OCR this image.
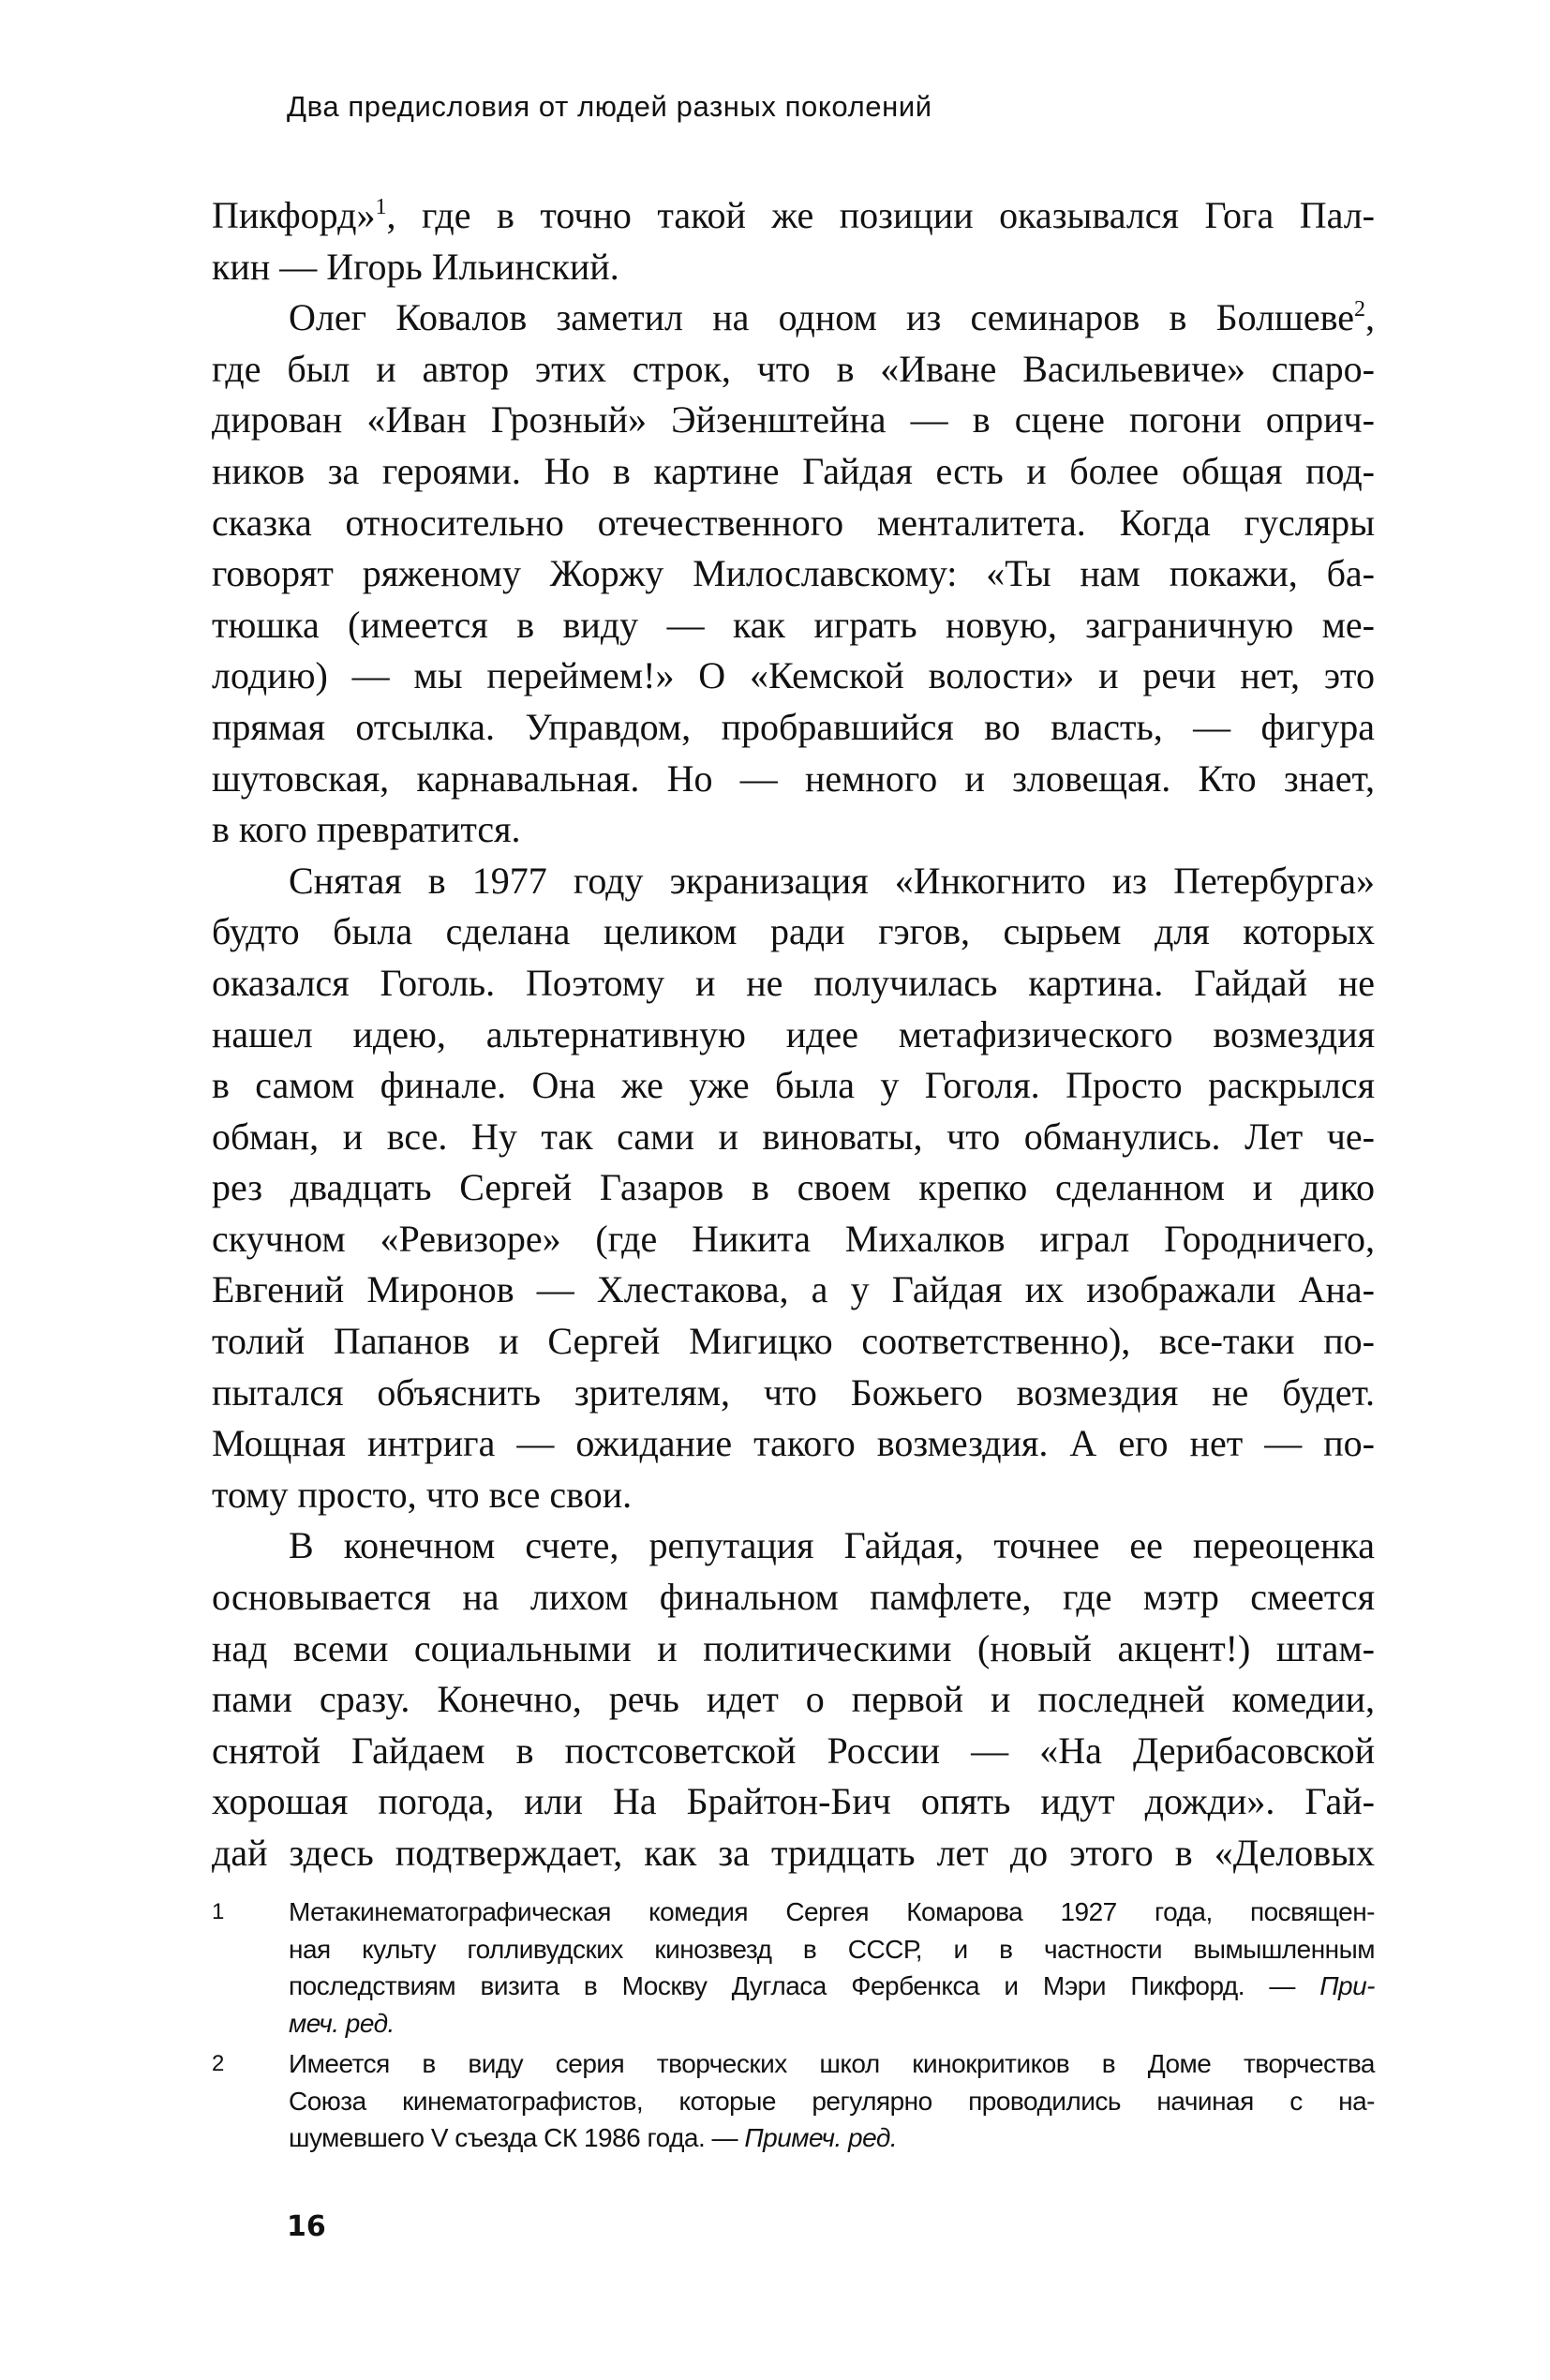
Два предисловия от людей разных поколений
Пикфорд»$^1$, где в точно такой же позиции оказывался Гога Пал-
кин — Игорь Ильинский.
Олег Ковалов заметил на одном из семинаров в Болшеве$^2$,
где был и автор этих строк, что в «Иване Васильевиче» спаро-
дирован «Иван Грозный» Эйзенштейна — в сцене погони оприч-
ников за героями. Но в картине Гайдая есть и более общая под-
сказка относительно отечественного менталитета. Когда гусляры
говорят ряженому Жоржу Милославскому: «Ты нам покажи, ба-
тюшка (имеется в виду — как играть новую, заграничную ме-
лодию) — мы переймем!» О «Кемской волости» и речи нет, это
прямая отсылка. Управдом, пробравшийся во власть, — фигура
шутовская, карнавальная. Но — немного и зловещая. Кто знает,
в кого превратится.
Снятая в 1977 году экранизация «Инкогнито из Петербурга»
будто была сделана целиком ради гэгов, сырьем для которых
оказался Гоголь. Поэтому и не получилась картина. Гайдай не
нашел идею, альтернативную идее метафизического возмездия
в самом финале. Она же уже была у Гоголя. Просто раскрылся
обман, и все. Ну так сами и виноваты, что обманулись. Лет че-
рез двадцать Сергей Газаров в своем крепко сделанном и дико
скучном «Ревизоре» (где Никита Михалков играл Городничего,
Евгений Миронов — Хлестакова, а у Гайдая их изображали Ана-
толий Папанов и Сергей Мигицко соответственно), все-таки по-
пытался объяснить зрителям, что Божьего возмездия не будет.
Мощная интрига — ожидание такого возмездия. А его нет — по-
тому просто, что все свои.
В конечном счете, репутация Гайдая, точнее ее переоценка
основывается на лихом финальном памфлете, где мэтр смеется
над всеми социальными и политическими (новый акцент!) штам-
пами сразу. Конечно, речь идет о первой и последней комедии,
снятой Гайдаем в постсоветской России — «На Дерибасовской
хорошая погода, или На Брайтон-Бич опять идут дожди». Гай-
дай здесь подтверждает, как за тридцать лет до этого в «Деловых
1	Метакинематографическая комедия Сергея Комарова 1927 года, посвящен-
ная культу голливудских кинозвезд в СССР, и в частности вымышленным
последствиям визита в Москву Дугласа Фербенкса и Мэри Пикфорд. — При-
меч. ред.
2	Имеется в виду серия творческих школ кинокритиков в Доме творчества
Союза кинематографистов, которые регулярно проводились начиная с на-
шумевшего V съезда СК 1986 года. — Примеч. ред.
16
